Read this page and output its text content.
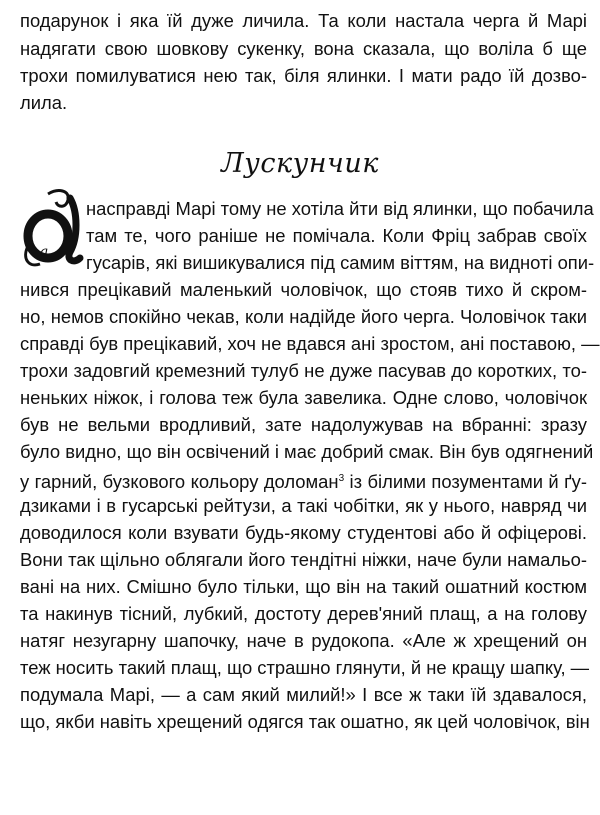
подарунок і яка їй дуже личила. Та коли настала черга й Марі
надягати свою шовкову сукенку, вона сказала, що воліла б ще
трохи помилуватися нею так, біля ялинки. І мати радо їй дозво-
лила.
Лускунчик
а
насправді Марі тому не хотіла йти від ялинки, що побачила
там те, чого раніше не помічала. Коли Фріц забрав своїх
гусарів, які вишикувалися під самим віттям, на видноті опи-
нився прецікавий маленький чоловічок, що стояв тихо й скром-
но, немов спокійно чекав, коли надійде його черга. Чоловічок таки
справді був прецікавий, хоч не вдався ані зростом, ані поставою, —
трохи задовгий кремезний тулуб не дуже пасував до коротких, то-
неньких ніжок, і голова теж була завелика. Одне слово, чоловічок
був не вельми вродливий, зате надолужував на вбранні: зразу
було видно, що він освічений і має добрий смак. Він був одягнений
у гарний, бузкового кольору доломан$^3$ із білими позументами й ґу-
дзиками і в гусарські рейтузи, а такі чобітки, як у нього, навряд чи
доводилося коли взувати будь-якому студентові або й офіцерові.
Вони так щільно облягали його тендітні ніжки, наче були намальо-
вані на них. Смішно було тільки, що він на такий ошатний костюм
та накинув тісний, лубкий, достоту дерев'яний плащ, а на голову
натяг незугарну шапочку, наче в рудокопа. «Але ж хрещений он
теж носить такий плащ, що страшно глянути, й не кращу шапку, —
подумала Марі, — а сам який милий!» І все ж таки їй здавалося,
що, якби навіть хрещений одягся так ошатно, як цей чоловічок, він
